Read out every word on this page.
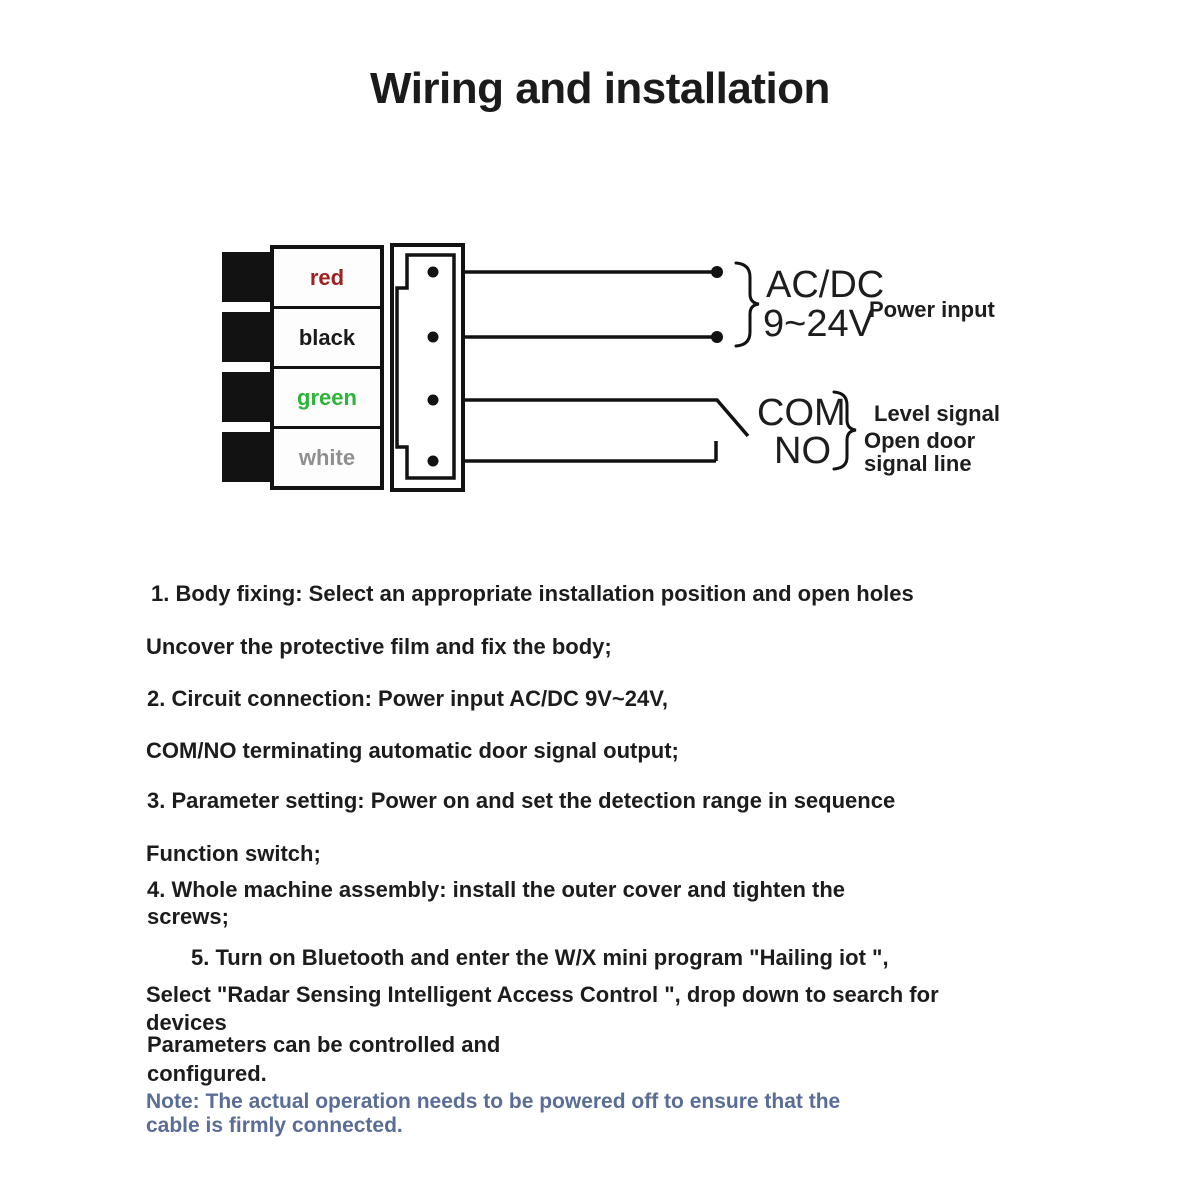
Wiring and installation
red
black
green
white
AC/DC
9~24V
Power input
COM
NO
Level signal
Open door signal line
1. Body fixing: Select an appropriate installation position and open holes
Uncover the protective film and fix the body;
2. Circuit connection: Power input AC/DC 9V~24V,
COM/NO terminating automatic door signal output;
3. Parameter setting: Power on and set the detection range in sequence
Function switch;
4. Whole machine assembly: install the outer cover and tighten the
screws;
5. Turn on Bluetooth and enter the W/X mini program "Hailing iot ",
Select "Radar Sensing Intelligent Access Control ", drop down to search for
devices
Parameters can be controlled and
configured.
Note: The actual operation needs to be powered off to ensure that the
cable is firmly connected.
